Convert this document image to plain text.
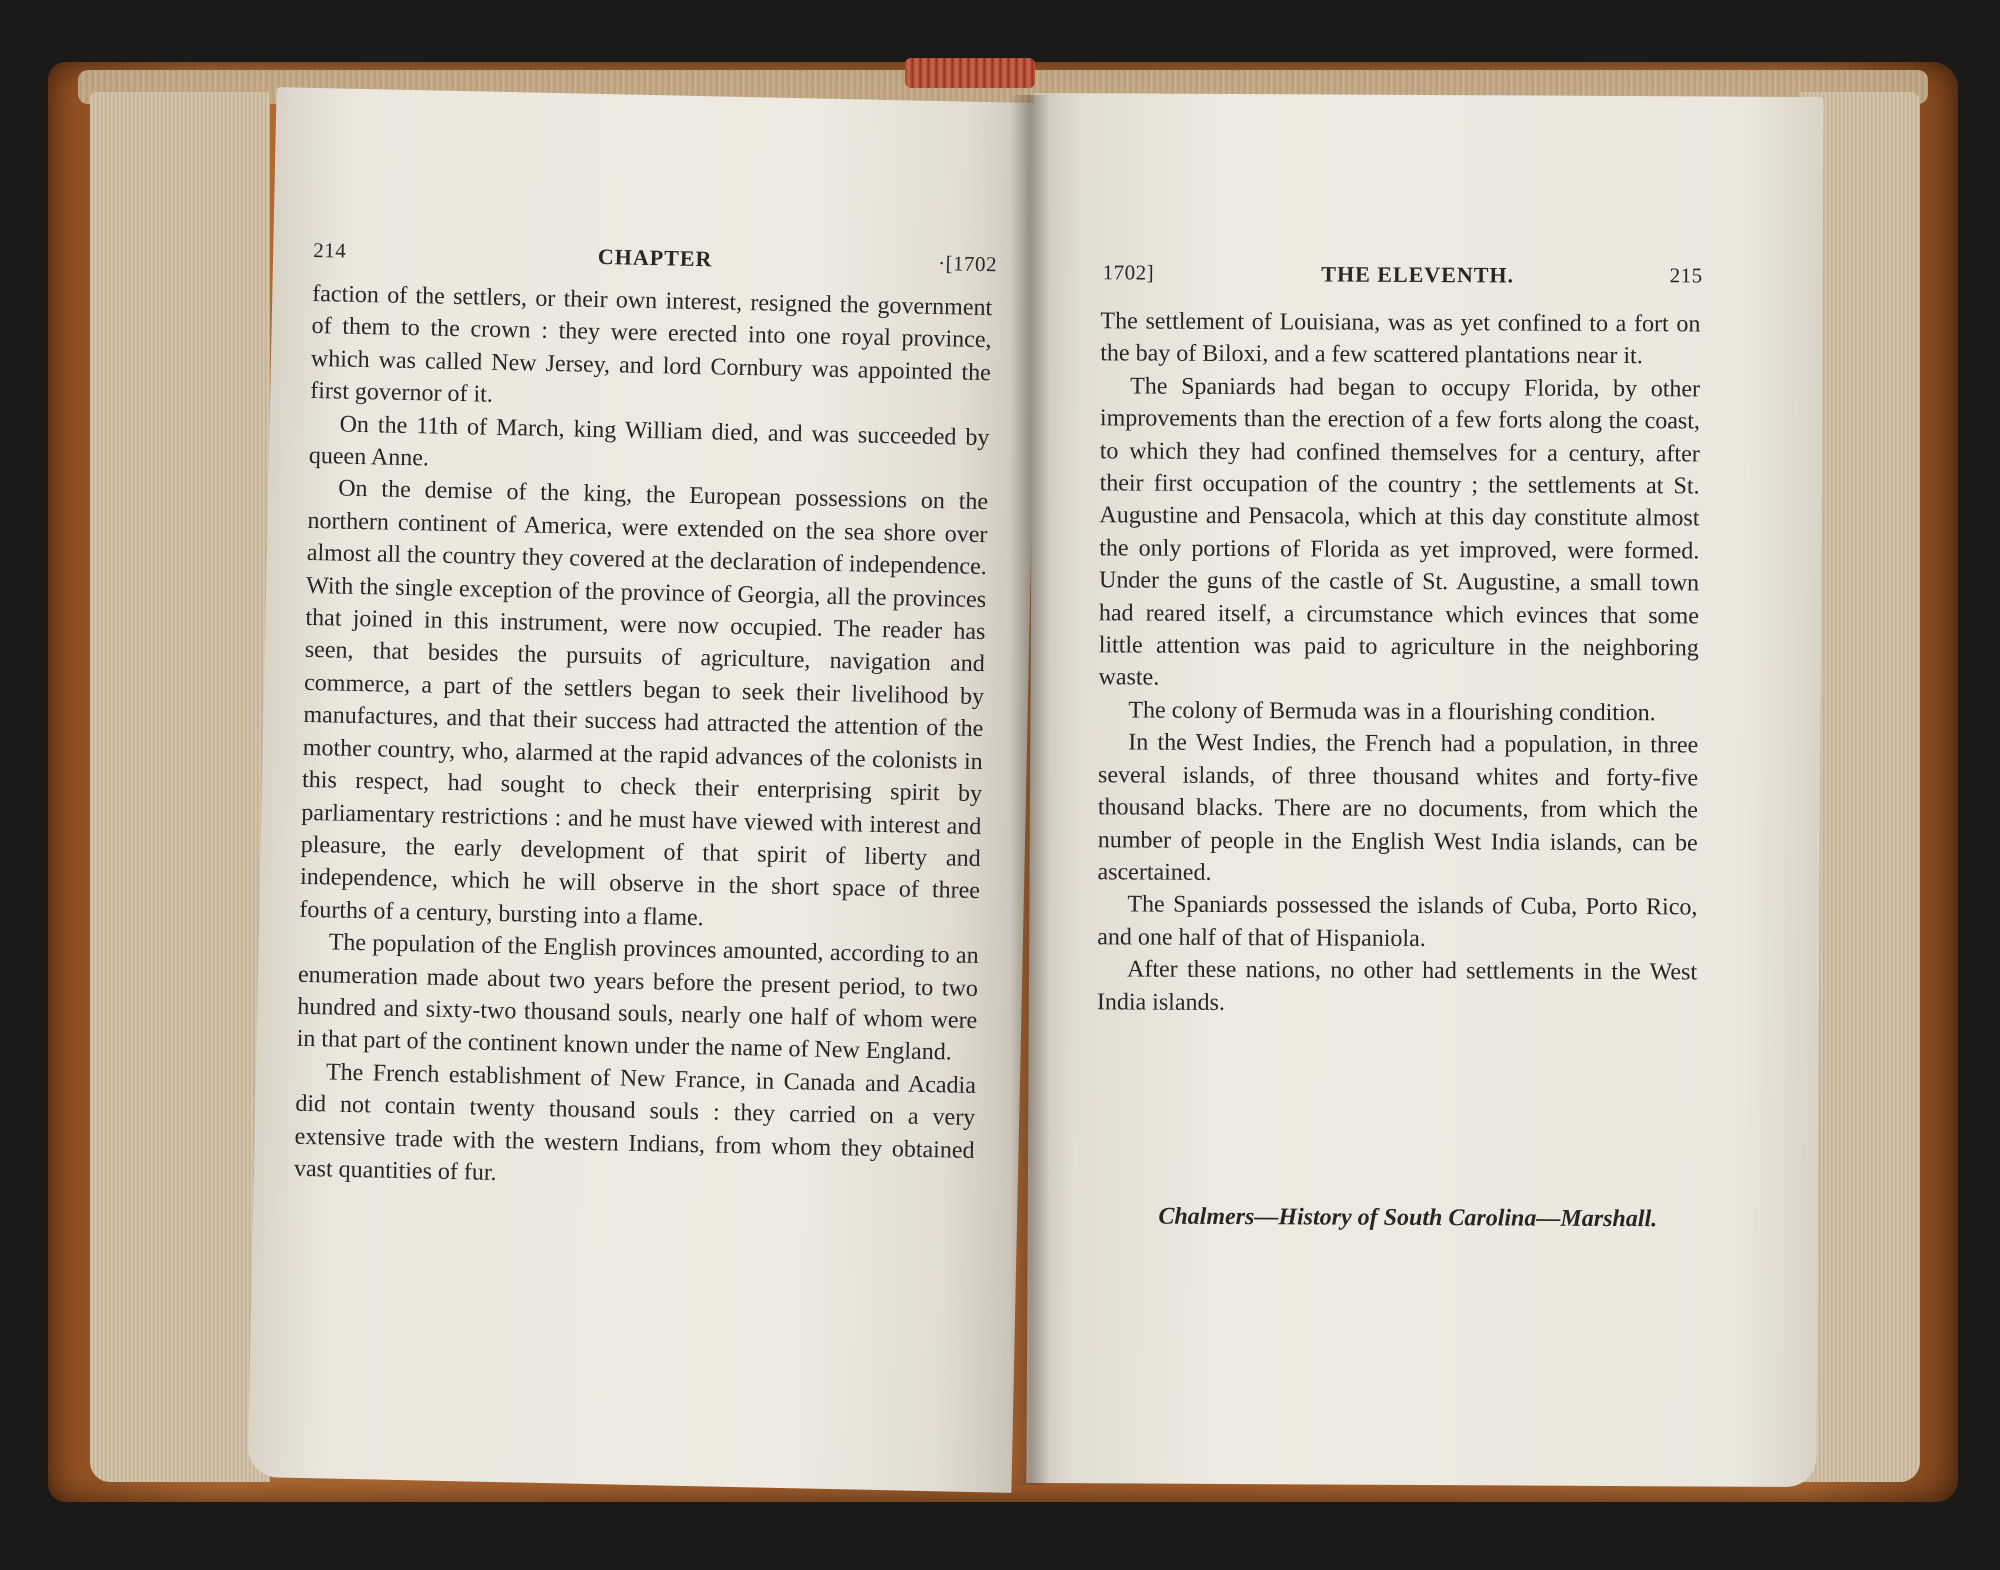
214	CHAPTER	·[1702

faction of the settlers, or their own interest, resigned the government of them to the crown : they were erected into one royal province, which was called New Jersey, and lord Cornbury was appointed the first governor of it.

On the 11th of March, king William died, and was succeeded by queen Anne.

On the demise of the king, the European possessions on the northern continent of America, were extended on the sea shore over almost all the country they covered at the declaration of independence. With the single exception of the province of Georgia, all the provinces that joined in this instrument, were now occupied. The reader has seen, that besides the pursuits of agriculture, navigation and commerce, a part of the settlers began to seek their livelihood by manufactures, and that their success had attracted the attention of the mother country, who, alarmed at the rapid advances of the colonists in this respect, had sought to check their enterprising spirit by parliamentary restrictions : and he must have viewed with interest and pleasure, the early development of that spirit of liberty and independence, which he will observe in the short space of three fourths of a century, bursting into a flame.

The population of the English provinces amounted, according to an enumeration made about two years before the present period, to two hundred and sixty-two thousand souls, nearly one half of whom were in that part of the continent known under the name of New England.

The French establishment of New France, in Canada and Acadia did not contain twenty thousand souls : they carried on a very extensive trade with the western Indians, from whom they obtained vast quantities of fur.

1702]	THE ELEVENTH.	215

The settlement of Louisiana, was as yet confined to a fort on the bay of Biloxi, and a few scattered plantations near it.

The Spaniards had began to occupy Florida, by other improvements than the erection of a few forts along the coast, to which they had confined themselves for a century, after their first occupation of the country ; the settlements at St. Augustine and Pensacola, which at this day constitute almost the only portions of Florida as yet improved, were formed. Under the guns of the castle of St. Augustine, a small town had reared itself, a circumstance which evinces that some little attention was paid to agriculture in the neighboring waste.

The colony of Bermuda was in a flourishing condition.

In the West Indies, the French had a population, in three several islands, of three thousand whites and forty-five thousand blacks. There are no documents, from which the number of people in the English West India islands, can be ascertained.

The Spaniards possessed the islands of Cuba, Porto Rico, and one half of that of Hispaniola.

After these nations, no other had settlements in the West India islands.

Chalmers—History of South Carolina—Marshall.
